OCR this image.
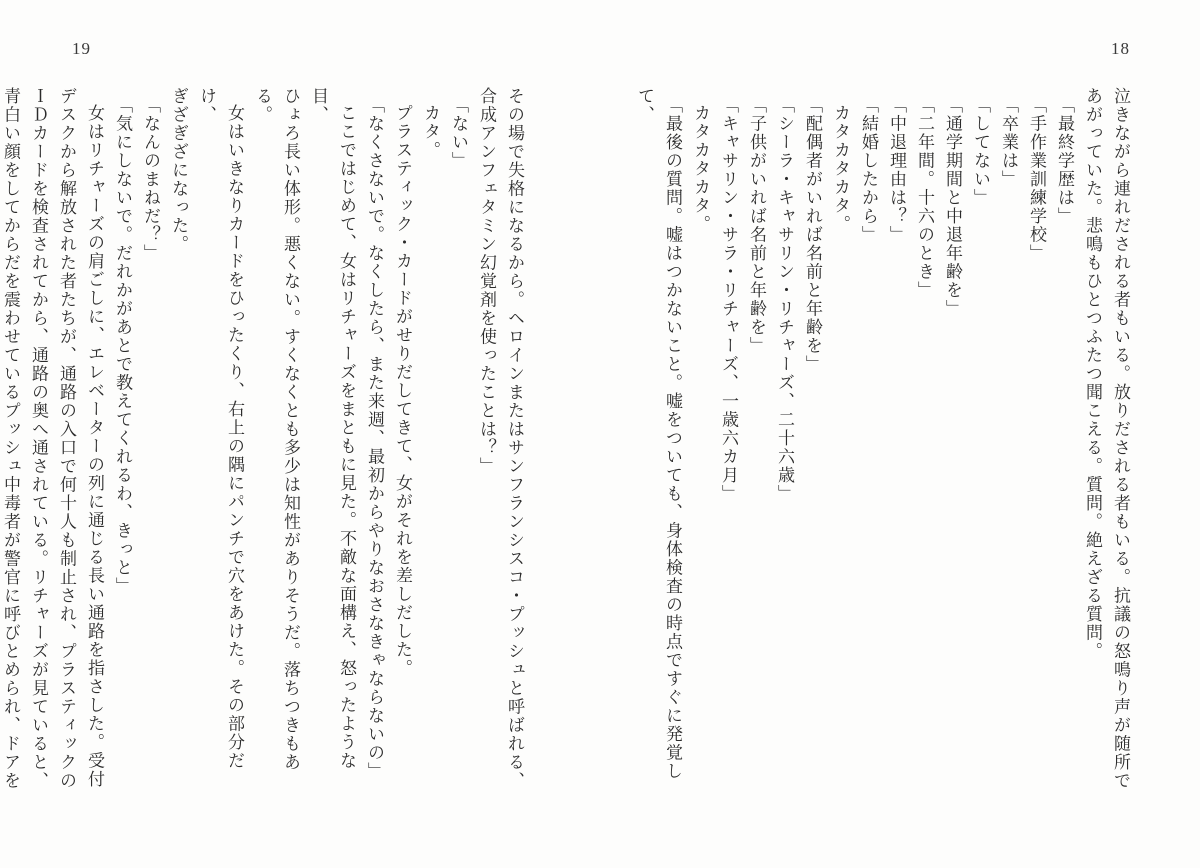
19	18
その場で失格になるから。ヘロインまたはサンフランシスコ・プッシュと呼ばれる、
合成アンフェタミン幻覚剤を使ったことは？」
「ない」
カタ。
プラスティック・カードがせりだしてきて、女がそれを差しだした。
「なくさないで。なくしたら、また来週、最初からやりなおさなきゃならないの」
ここではじめて、女はリチャーズをまともに見た。不敵な面構え、怒ったような目、
ひょろ長い体形。悪くない。すくなくとも多少は知性がありそうだ。落ちつきもある。
女はいきなりカードをひったくり、右上の隅にパンチで穴をあけた。その部分だけ、
ぎざぎざになった。
「なんのまねだ？」
「気にしないで。だれかがあとで教えてくれるわ、きっと」
女はリチャーズの肩ごしに、エレベーターの列に通じる長い通路を指さした。受付
デスクから解放された者たちが、通路の入口で何十人も制止され、プラスティックの
ＩＤカードを検査されてから、通路の奥へ通されている。リチャーズが見ていると、
青白い顔をしてからだを震わせているプッシュ中毒者が警官に呼びとめられ、ドアを	泣きながら連れだされる者もいる。放りだされる者もいる。抗議の怒鳴り声が随所で
あがっていた。悲鳴もひとつふたつ聞こえる。質問。絶えざる質問。
「最終学歴は」
「手作業訓練学校」
「卒業は」
「してない」
「通学期間と中退年齢を」
「二年間。十六のとき」
「中退理由は？」
「結婚したから」
カタカタカタ。
「配偶者がいれば名前と年齢を」
「シーラ・キャサリン・リチャーズ、二十六歳」
「子供がいれば名前と年齢を」
「キャサリン・サラ・リチャーズ、一歳六カ月」
カタカタカタ。
「最後の質問。嘘はつかないこと。嘘をついても、身体検査の時点ですぐに発覚して、
